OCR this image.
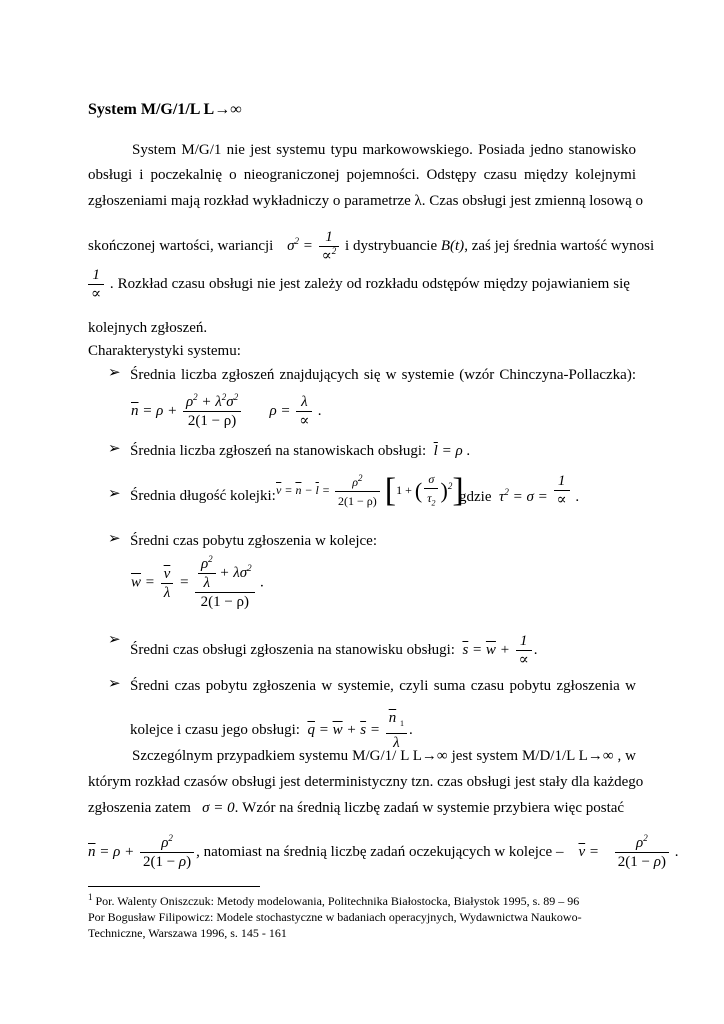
System M/G/1/L L→∞
System M/G/1 nie jest systemu typu markowowskiego. Posiada jedno stanowisko
obsługi i poczekalnię o nieograniczonej pojemności. Odstępy czasu między kolejnymi
zgłoszeniami mają rozkład wykładniczy o parametrze λ. Czas obsługi jest zmienną losową o
skończonej wartości, wariancji $\sigma^2 = \frac{1}{\propto^2}$ i dystrybuancie B(t), zaś jej średnia wartość wynosi
$\frac{1}{\propto}$ . Rozkład czasu obsługi nie jest zależy od rozkładu odstępów między pojawianiem się
kolejnych zgłoszeń.
Charakterystyki systemu:
➢ Średnia liczba zgłoszeń znajdujących się w systemie (wzór Chinczyna-Pollaczka):
$\overline{n} = \rho + \frac{\rho^2 + \lambda^2\sigma^2}{2(1 - \rho)}$ $\rho = \frac{\lambda}{\propto}$ .
➢ Średnia liczba zgłoszeń na stanowiskach obsługi: $\overline{l} = \rho$ .
➢ Średnia długość kolejki: $\overline{v} = \overline{n} - \overline{l} = \frac{\rho^2}{2(1 - \rho)} [1$ + ( $\frac{\sigma}{\tau_2} )^2$]
gdzie  $\tau^2 = \sigma = \frac{1}{\propto}$ .
➢ Średni czas pobytu zgłoszenia w kolejce:
$\overline{w} = \frac{\overline{v}}{\lambda} = \frac{\frac{\rho^2}{\lambda} + \lambda\sigma^2}{2(1 - \rho)}$ .
➢
Średni czas obsługi zgłoszenia na stanowisku obsługi: $\overline{s} = \overline{w} + \frac{1}{\propto}$ .
➢ Średni czas pobytu zgłoszenia w systemie, czyli suma czasu pobytu zgłoszenia w
kolejce i czasu jego obsługi: $\overline{q} = \overline{w} + \overline{s} = \frac{\overline{n} _1}{\lambda}$ .
Szczególnym przypadkiem systemu M/G/1/ L L→∞ jest system M/D/1/L L→∞ , w
którym rozkład czasów obsługi jest deterministyczny tzn. czas obsługi jest stały dla każdego
zgłoszenia zatem   σ = 0. Wzór na średnią liczbę zadań w systemie przybiera więc postać
$\overline{n} = \rho + \frac{\rho^2}{2(1 - \rho)}$ , natomiast na średnią liczbę zadań oczekujących w kolejce – $\overline{v} = \frac{\rho^2}{2(1 - \rho)}$ .
$^1$ Por. Walenty Oniszczuk: Metody modelowania, Politechnika Białostocka, Białystok 1995, s. 89 – 96
Por Bogusław Filipowicz: Modele stochastyczne w badaniach operacyjnych, Wydawnictwa Naukowo-
Techniczne, Warszawa 1996, s. 145 - 161
